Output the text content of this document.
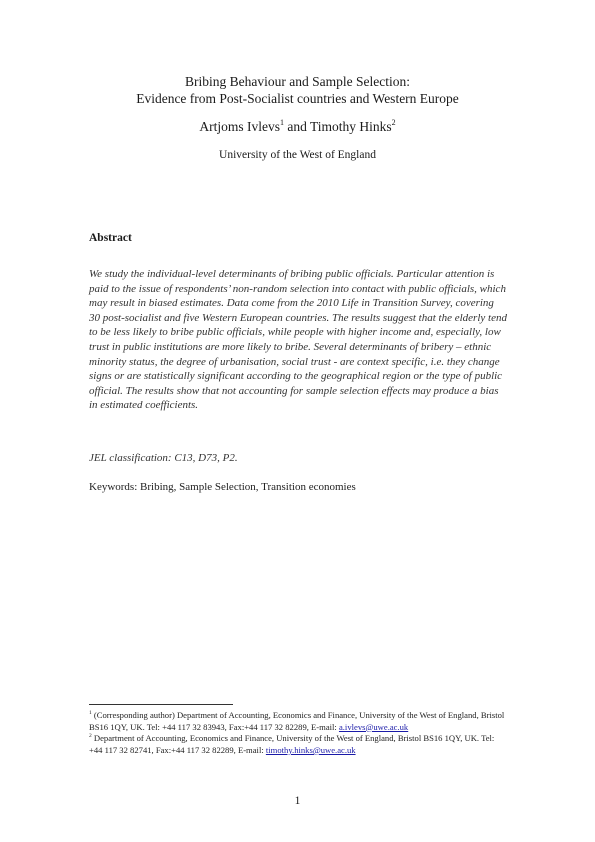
Bribing Behaviour and Sample Selection:
Evidence from Post-Socialist countries and Western Europe
Artjoms Ivlevs$^1$ and Timothy Hinks$^2$
University of the West of England
Abstract

We study the individual-level determinants of bribing public officials. Particular attention is paid to the issue of respondents’ non-random selection into contact with public officials, which may result in biased estimates. Data come from the 2010 Life in Transition Survey, covering 30 post-socialist and five Western European countries. The results suggest that the elderly tend to be less likely to bribe public officials, while people with higher income and, especially, low trust in public institutions are more likely to bribe. Several determinants of bribery – ethnic minority status, the degree of urbanisation, social trust - are context specific, i.e. they change signs or are statistically significant according to the geographical region or the type of public official. The results show that not accounting for sample selection effects may produce a bias in estimated coefficients.

JEL classification: C13, D73, P2.
Keywords: Bribing, Sample Selection, Transition economies

$^1$ (Corresponding author) Department of Accounting, Economics and Finance, University of the West of England, Bristol BS16 1QY, UK. Tel: +44 117 32 83943, Fax:+44 117 32 82289, E-mail: a.ivlevs@uwe.ac.uk

$^2$ Department of Accounting, Economics and Finance, University of the West of England, Bristol BS16 1QY, UK. Tel: +44 117 32 82741, Fax:+44 117 32 82289, E-mail: timothy.hinks@uwe.ac.uk

1
